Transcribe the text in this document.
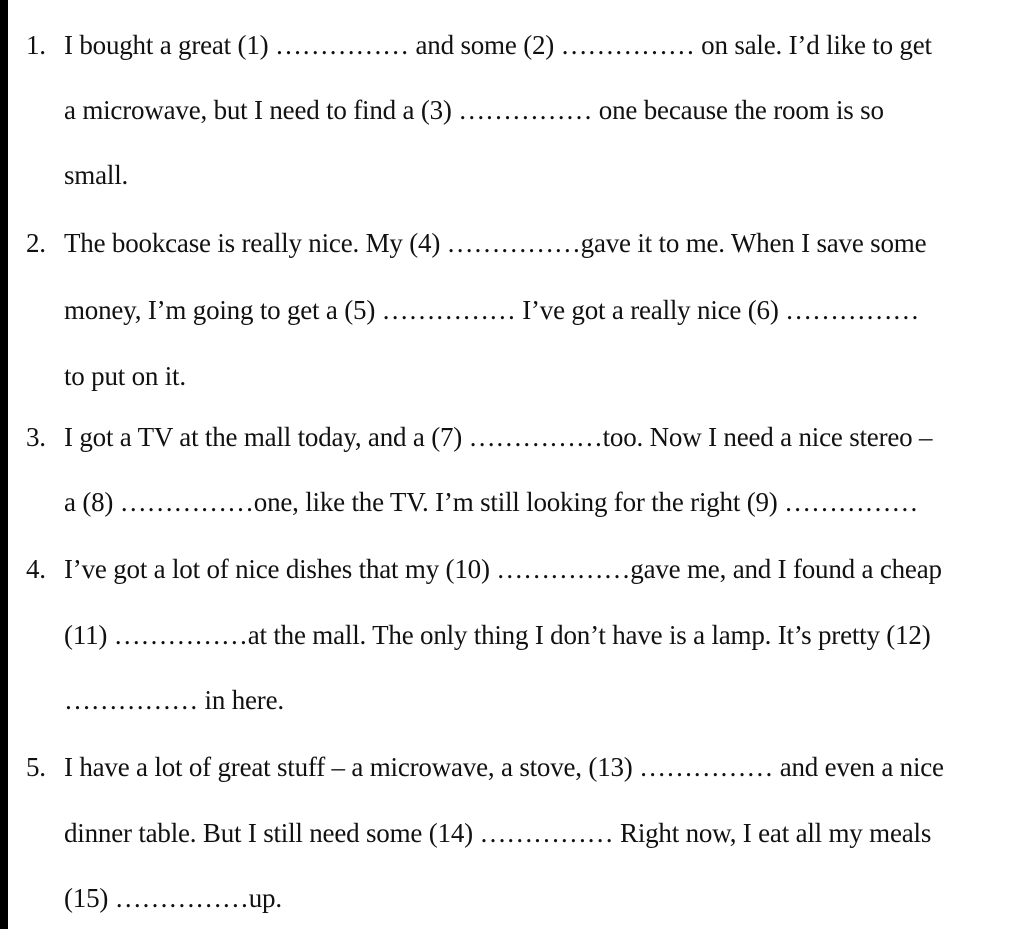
1. I bought a great (1) …………… and some (2) …………… on sale. I’d like to get
a microwave, but I need to find a (3) …………… one because the room is so
small.
2. The bookcase is really nice. My (4) ……………gave it to me. When I save some
money, I’m going to get a (5) …………… I’ve got a really nice (6) ……………
to put on it.
3. I got a TV at the mall today, and a (7) ……………too. Now I need a nice stereo –
a (8) ……………one, like the TV. I’m still looking for the right (9) ……………
4. I’ve got a lot of nice dishes that my (10) ……………gave me, and I found a cheap
(11) ……………at the mall. The only thing I don’t have is a lamp. It’s pretty (12)
…………… in here.
5. I have a lot of great stuff – a microwave, a stove, (13) …………… and even a nice
dinner table. But I still need some (14) …………… Right now, I eat all my meals
(15) ……………up.
